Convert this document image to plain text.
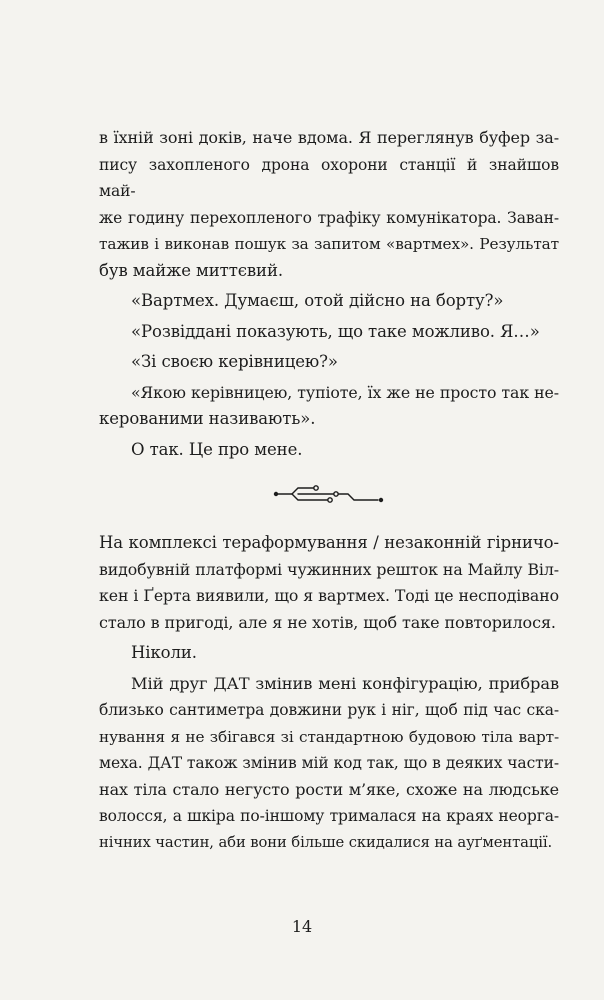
в їхній зоні доків, наче вдома. Я переглянув буфер за-
пису захопленого дрона охорони станції й знайшов май-
же годину перехопленого трафіку комунікатора. Заван-
тажив і виконав пошук за запитом «вартмех». Результат
був майже миттєвий.
«Вартмех. Думаєш, отой дійсно на борту?»
«Розвіддані показують, що таке можливо. Я…»
«Зі своєю керівницею?»
«Якою керівницею, тупіоте, їх же не просто так не-
керованими називають».
О так. Це про мене.
На комплексі тераформування / незаконній гірничо-
видобувній платформі чужинних решток на Майлу Віл-
кен і Ґерта виявили, що я вартмех. Тоді це несподівано
стало в пригоді, але я не хотів, щоб таке повторилося.
Ніколи.
Мій друг ДАТ змінив мені конфігурацію, прибрав
близько сантиметра довжини рук і ніг, щоб під час ска-
нування я не збігався зі стандартною будовою тіла варт-
меха. ДАТ також змінив мій код так, що в деяких части-
нах тіла стало негусто рости м’яке, схоже на людське
волосся, а шкіра по-іншому трималася на краях неорга-
нічних частин, аби вони більше скидалися на ауґментації.
14
